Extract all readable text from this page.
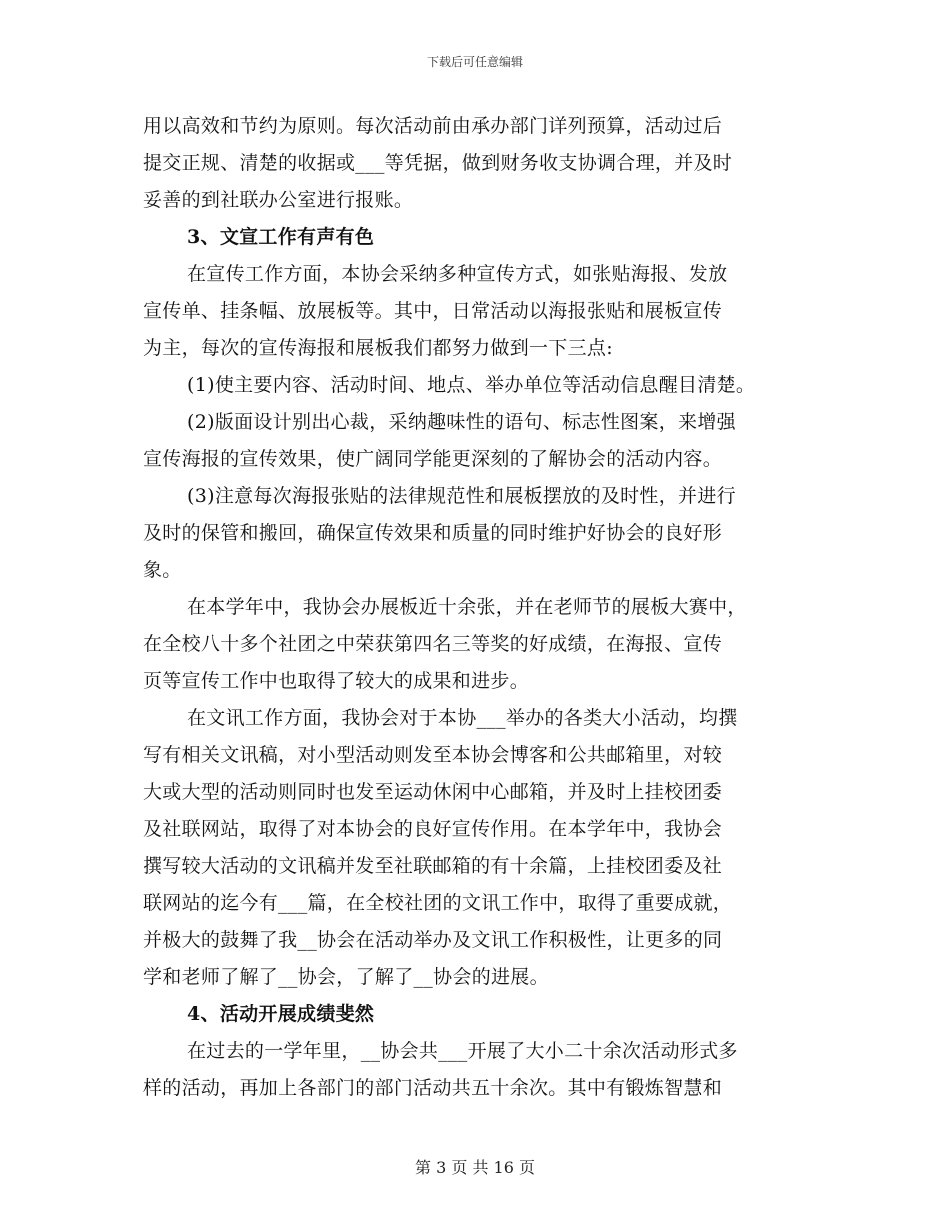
下载后可任意编辑
用以高效和节约为原则。每次活动前由承办部门详列预算，活动过后
提交正规、清楚的收据或___等凭据，做到财务收支协调合理，并及时
妥善的到社联办公室进行报账。
3、文宣工作有声有色
在宣传工作方面，本协会采纳多种宣传方式，如张贴海报、发放
宣传单、挂条幅、放展板等。其中，日常活动以海报张贴和展板宣传
为主，每次的宣传海报和展板我们都努力做到一下三点:
(1)使主要内容、活动时间、地点、举办单位等活动信息醒目清楚。
(2)版面设计别出心裁，采纳趣味性的语句、标志性图案，来增强
宣传海报的宣传效果，使广阔同学能更深刻的了解协会的活动内容。
(3)注意每次海报张贴的法律规范性和展板摆放的及时性，并进行
及时的保管和搬回，确保宣传效果和质量的同时维护好协会的良好形
象。
在本学年中，我协会办展板近十余张，并在老师节的展板大赛中，
在全校八十多个社团之中荣获第四名三等奖的好成绩，在海报、宣传
页等宣传工作中也取得了较大的成果和进步。
在文讯工作方面，我协会对于本协___举办的各类大小活动，均撰
写有相关文讯稿，对小型活动则发至本协会博客和公共邮箱里，对较
大或大型的活动则同时也发至运动休闲中心邮箱，并及时上挂校团委
及社联网站，取得了对本协会的良好宣传作用。在本学年中，我协会
撰写较大活动的文讯稿并发至社联邮箱的有十余篇，上挂校团委及社
联网站的迄今有___篇，在全校社团的文讯工作中，取得了重要成就，
并极大的鼓舞了我__协会在活动举办及文讯工作积极性，让更多的同
学和老师了解了__协会，了解了__协会的进展。
4、活动开展成绩斐然
在过去的一学年里，__协会共___开展了大小二十余次活动形式多
样的活动，再加上各部门的部门活动共五十余次。其中有锻炼智慧和
第 3 页 共 16 页
